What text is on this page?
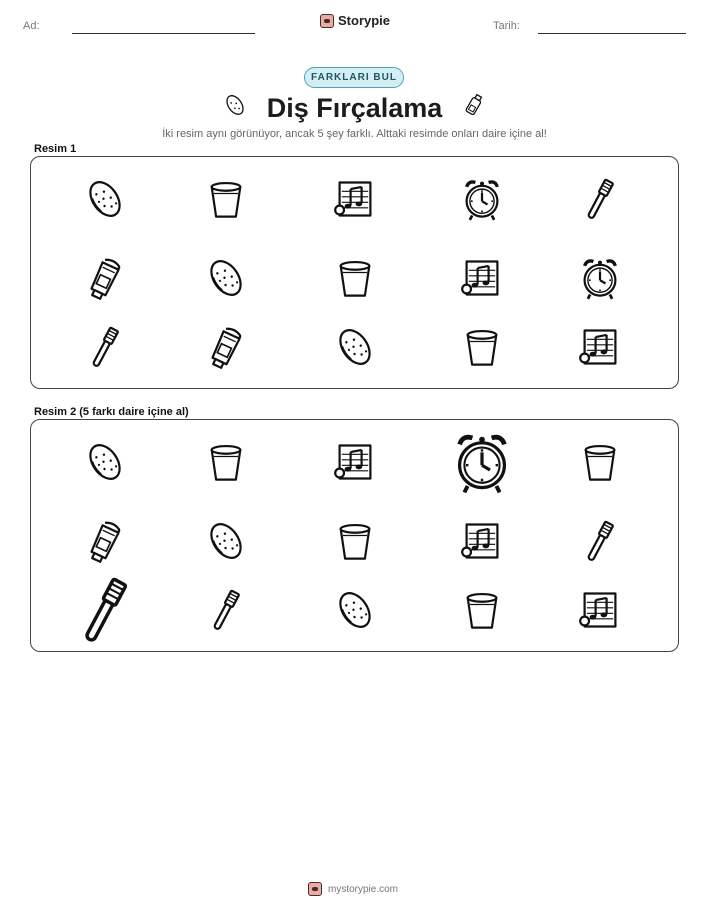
Ad:	Storypie	Tarih:
FARKLARI BUL
Diş Fırçalama
İki resim aynı görünüyor, ancak 5 şey farklı. Alttaki resimde onları daire içine al!
Resim 1
Resim 2 (5 farkı daire içine al)
mystorypie.com
